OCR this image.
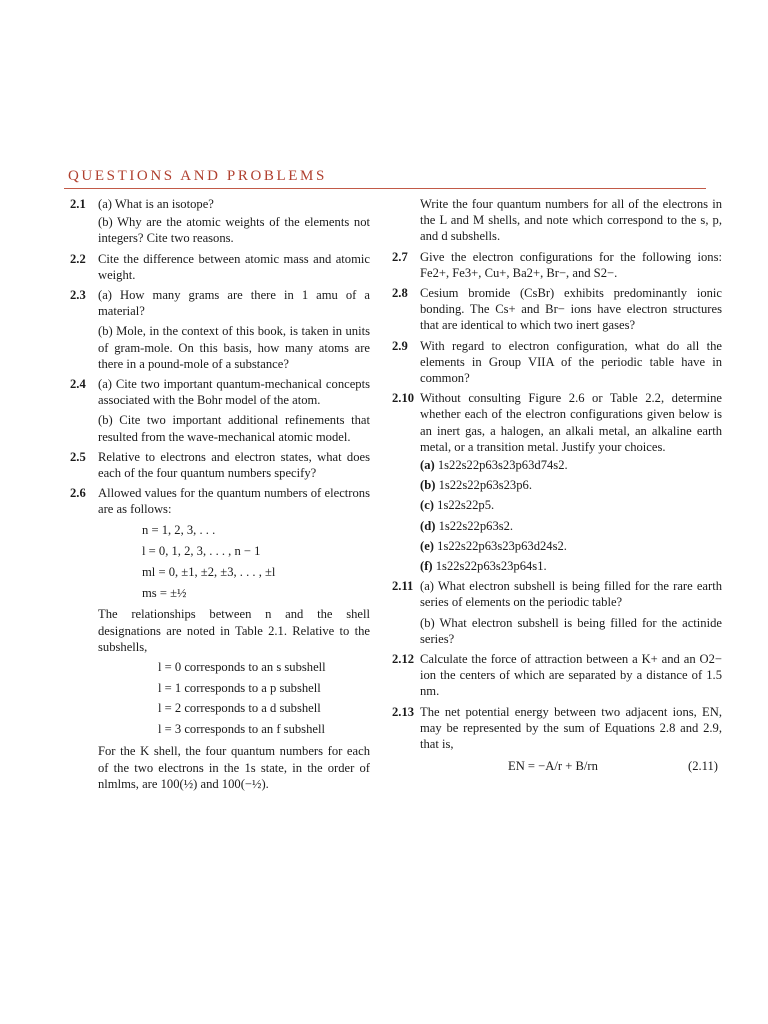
QUESTIONS AND PROBLEMS
2.1 (a) What is an isotope?
(b) Why are the atomic weights of the elements not integers? Cite two reasons.
2.2 Cite the difference between atomic mass and atomic weight.
2.3 (a) How many grams are there in 1 amu of a material?
(b) Mole, in the context of this book, is taken in units of gram-mole. On this basis, how many atoms are there in a pound-mole of a substance?
2.4 (a) Cite two important quantum-mechanical concepts associated with the Bohr model of the atom.
(b) Cite two important additional refinements that resulted from the wave-mechanical atomic model.
2.5 Relative to electrons and electron states, what does each of the four quantum numbers specify?
2.6 Allowed values for the quantum numbers of electrons are as follows:
n = 1, 2, 3, . . .
l = 0, 1, 2, 3, . . . , n − 1
ml = 0, ±1, ±2, ±3, . . . , ±l
ms = ±½
The relationships between n and the shell designations are noted in Table 2.1. Relative to the subshells,
l = 0 corresponds to an s subshell
l = 1 corresponds to a p subshell
l = 2 corresponds to a d subshell
l = 3 corresponds to an f subshell
For the K shell, the four quantum numbers for each of the two electrons in the 1s state, in the order of nlmlms, are 100(½) and 100(−½).
Write the four quantum numbers for all of the electrons in the L and M shells, and note which correspond to the s, p, and d subshells.
2.7 Give the electron configurations for the following ions: Fe2+, Fe3+, Cu+, Ba2+, Br−, and S2−.
2.8 Cesium bromide (CsBr) exhibits predominantly ionic bonding. The Cs+ and Br− ions have electron structures that are identical to which two inert gases?
2.9 With regard to electron configuration, what do all the elements in Group VIIA of the periodic table have in common?
2.10 Without consulting Figure 2.6 or Table 2.2, determine whether each of the electron configurations given below is an inert gas, a halogen, an alkali metal, an alkaline earth metal, or a transition metal. Justify your choices.
(a) 1s22s22p63s23p63d74s2.
(b) 1s22s22p63s23p6.
(c) 1s22s22p5.
(d) 1s22s22p63s2.
(e) 1s22s22p63s23p63d24s2.
(f) 1s22s22p63s23p64s1.
2.11 (a) What electron subshell is being filled for the rare earth series of elements on the periodic table?
(b) What electron subshell is being filled for the actinide series?
2.12 Calculate the force of attraction between a K+ and an O2− ion the centers of which are separated by a distance of 1.5 nm.
2.13 The net potential energy between two adjacent ions, EN, may be represented by the sum of Equations 2.8 and 2.9, that is,
EN = −A/r + B/rn	(2.11)
